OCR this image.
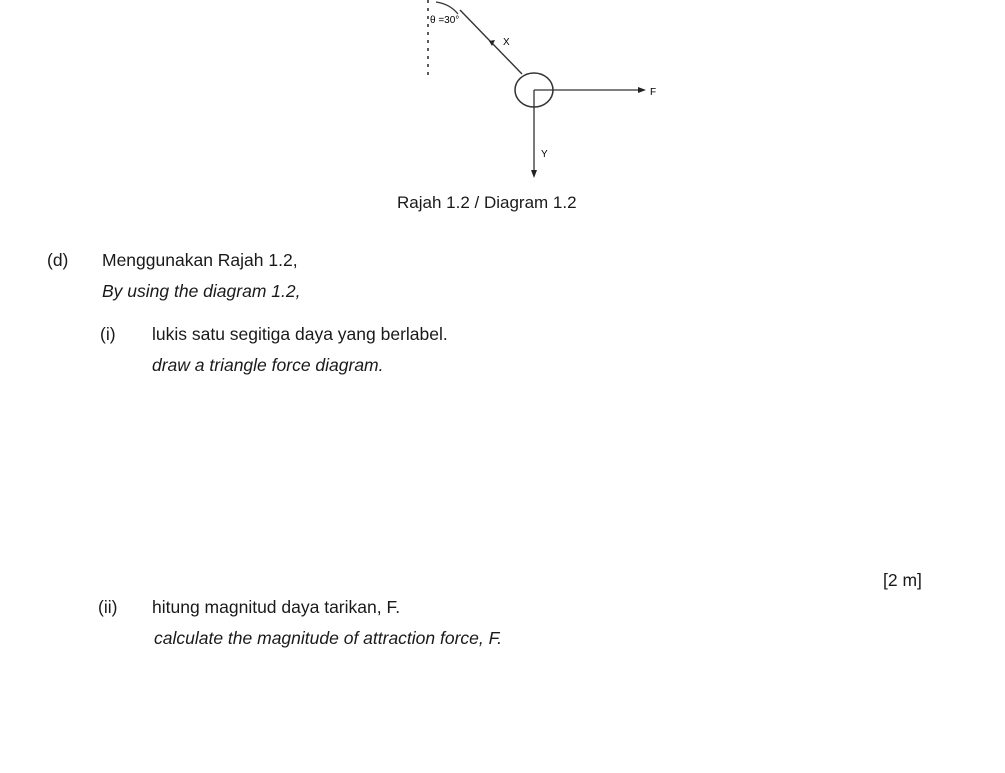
θ =30°
X
F
Y
Rajah 1.2 / Diagram 1.2
(d) Menggunakan Rajah 1.2,
By using the diagram 1.2,
(i) lukis satu segitiga daya yang berlabel.
draw a triangle force diagram.
[2 m]
(ii) hitung magnitud daya tarikan, F.
calculate the magnitude of attraction force, F.
